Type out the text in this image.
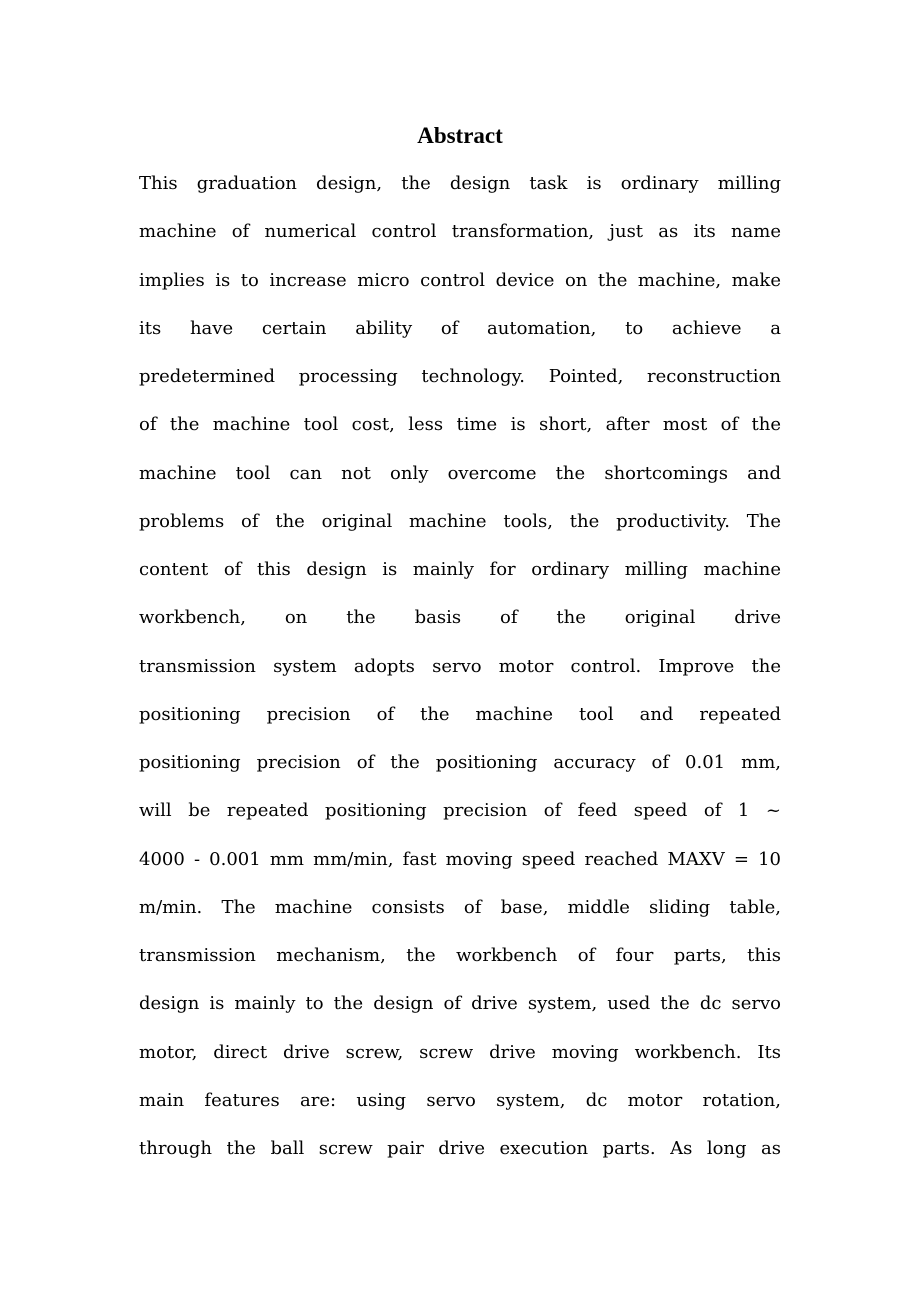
Abstract
This graduation design, the design task is ordinary milling
machine of numerical control transformation, just as its name
implies is to increase micro control device on the machine, make
its have certain ability of automation, to achieve a
predetermined processing technology. Pointed, reconstruction
of the machine tool cost, less time is short, after most of the
machine tool can not only overcome the shortcomings and
problems of the original machine tools, the productivity. The
content of this design is mainly for ordinary milling machine
workbench, on the basis of the original drive
transmission system adopts servo motor control. Improve the
positioning precision of the machine tool and repeated
positioning precision of the positioning accuracy of 0.01 mm,
will be repeated positioning precision of feed speed of 1 ~
4000 - 0.001 mm mm/min, fast moving speed reached MAXV = 10
m/min. The machine consists of base, middle sliding table,
transmission mechanism, the workbench of four parts, this
design is mainly to the design of drive system, used the dc servo
motor, direct drive screw, screw drive moving workbench. Its
main features are: using servo system, dc motor rotation,
through the ball screw pair drive execution parts. As long as
